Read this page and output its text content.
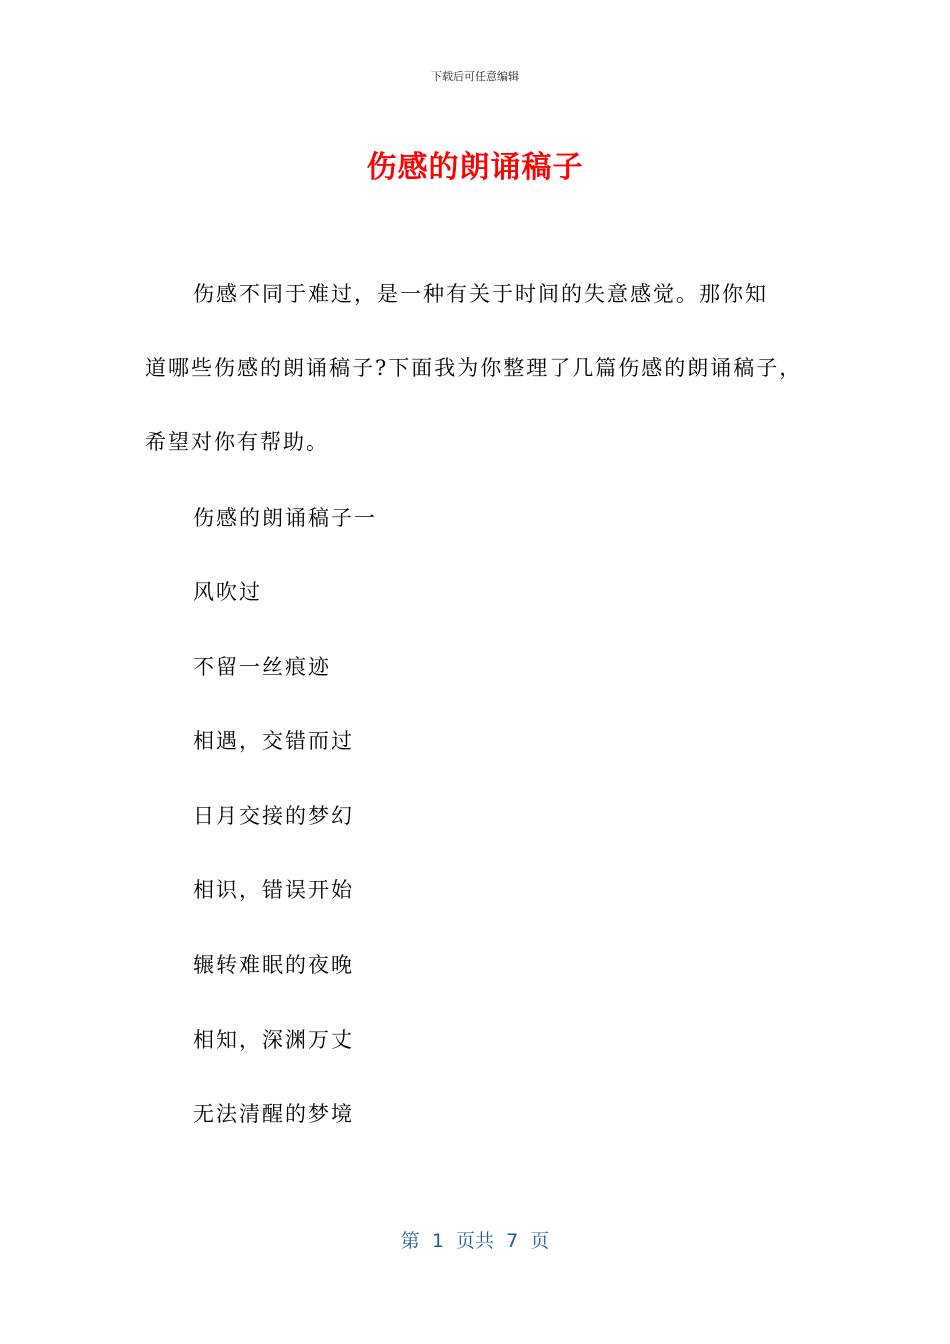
下载后可任意编辑
伤感的朗诵稿子

伤感不同于难过，是一种有关于时间的失意感觉。那你知

道哪些伤感的朗诵稿子?下面我为你整理了几篇伤感的朗诵稿子，

希望对你有帮助。

伤感的朗诵稿子一
风吹过
不留一丝痕迹
相遇，交错而过
日月交接的梦幻
相识，错误开始
辗转难眠的夜晚
相知，深渊万丈
无法清醒的梦境
第  1  页共  7  页
